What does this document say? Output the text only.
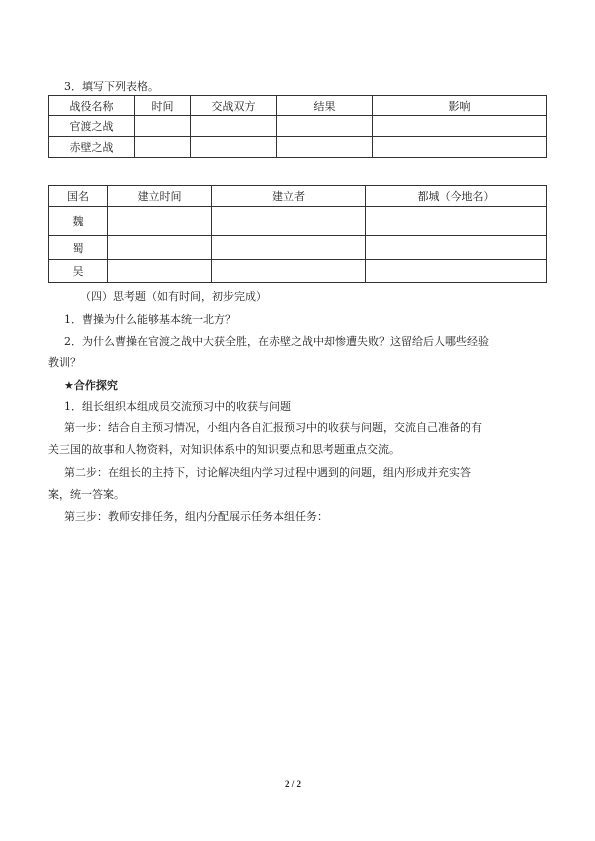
3．填写下列表格。
战役名称	时间	交战双方	结果	影响
官渡之战				
赤壁之战				
国名	建立时间	建立者	都城（今地名）
魏			
蜀			
吴			
（四）思考题（如有时间，初步完成）
1．曹操为什么能够基本统一北方？
2．为什么曹操在官渡之战中大获全胜，在赤壁之战中却惨遭失败？这留给后人哪些经验
教训？
★合作探究
1．组长组织本组成员交流预习中的收获与问题
第一步：结合自主预习情况，小组内各自汇报预习中的收获与问题，交流自己准备的有
关三国的故事和人物资料，对知识体系中的知识要点和思考题重点交流。
第二步：在组长的主持下，讨论解决组内学习过程中遇到的问题，组内形成并充实答
案，统一答案。
第三步：教师安排任务，组内分配展示任务本组任务：
2 / 2
